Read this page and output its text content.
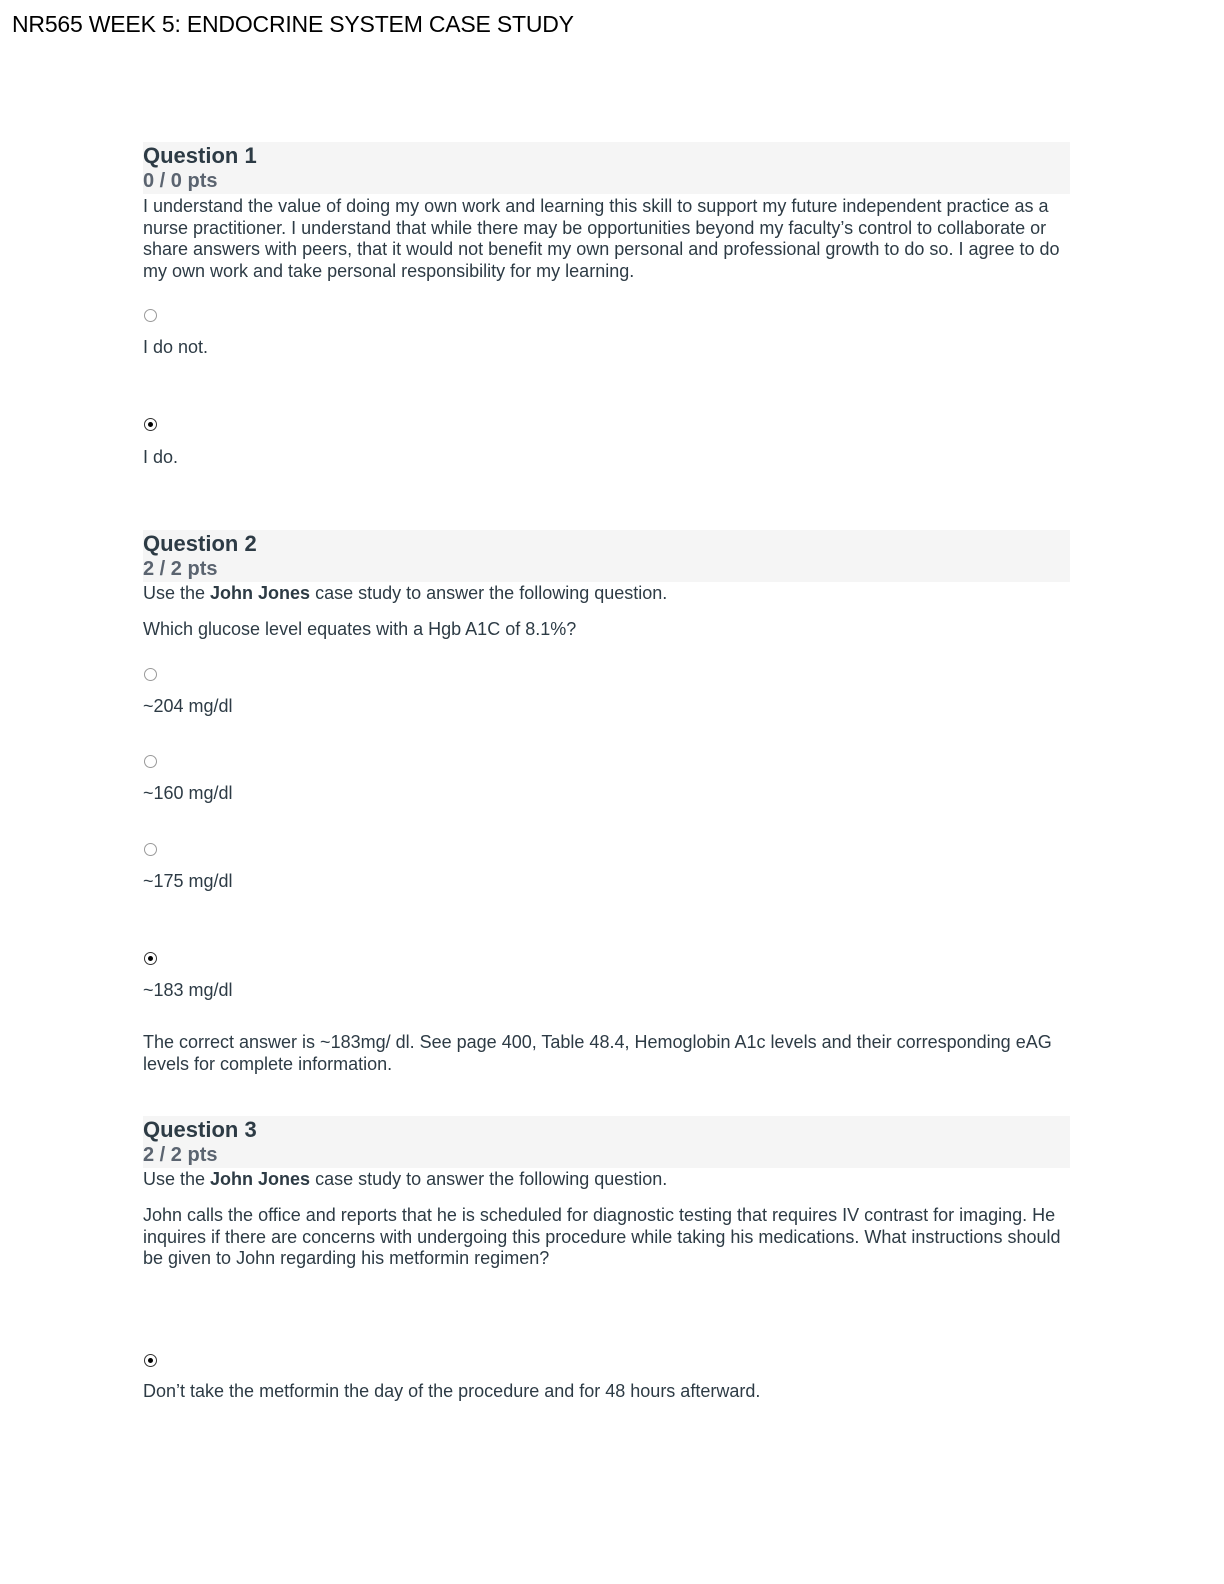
NR565 WEEK 5: ENDOCRINE SYSTEM CASE STUDY
Question 1
0 / 0 pts
I understand the value of doing my own work and learning this skill to support my future independent practice as a nurse practitioner. I understand that while there may be opportunities beyond my faculty’s control to collaborate or share answers with peers, that it would not benefit my own personal and professional growth to do so. I agree to do my own work and take personal responsibility for my learning.
I do not.
I do.
Question 2
2 / 2 pts
Use the John Jones case study to answer the following question.
Which glucose level equates with a Hgb A1C of 8.1%?
~204 mg/dl
~160 mg/dl
~175 mg/dl
~183 mg/dl
The correct answer is ~183mg/ dl. See page 400, Table 48.4, Hemoglobin A1c levels and their corresponding eAG levels for complete information.
Question 3
2 / 2 pts
Use the John Jones case study to answer the following question.
John calls the office and reports that he is scheduled for diagnostic testing that requires IV contrast for imaging. He inquires if there are concerns with undergoing this procedure while taking his medications. What instructions should be given to John regarding his metformin regimen?
Don’t take the metformin the day of the procedure and for 48 hours afterward.
